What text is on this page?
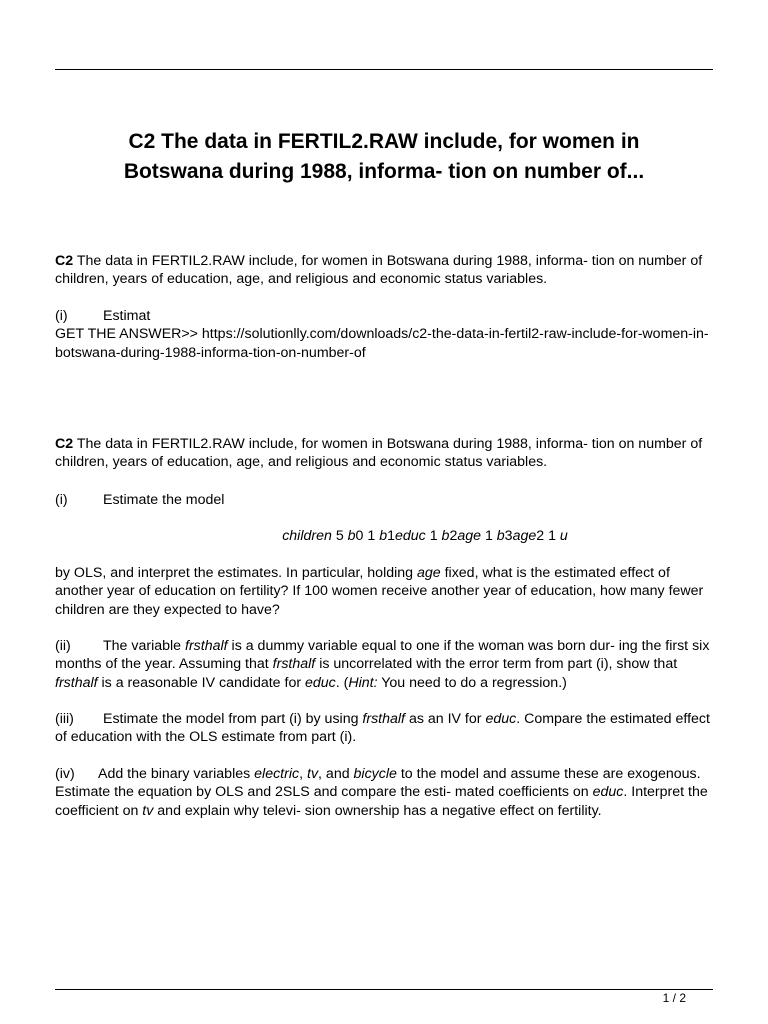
C2 The data in FERTIL2.RAW include, for women in
Botswana during 1988, informa- tion on number of...
C2 The data in FERTIL2.RAW include, for women in Botswana during 1988, informa- tion on number of children, years of education, age, and religious and economic status variables.
(i) Estimat
GET THE ANSWER>> https://solutionlly.com/downloads/c2-the-data-in-fertil2-raw-include-for-women-in-botswana-during-1988-informa-tion-on-number-of
C2 The data in FERTIL2.RAW include, for women in Botswana during 1988, informa- tion on number of children, years of education, age, and religious and economic status variables.
(i) Estimate the model
children 5 b0 1 b1educ 1 b2age 1 b3age2 1 u
by OLS, and interpret the estimates. In particular, holding age fixed, what is the estimated effect of another year of education on fertility? If 100 women receive another year of education, how many fewer children are they expected to have?
(ii) The variable frsthalf is a dummy variable equal to one if the woman was born dur- ing the first six months of the year. Assuming that frsthalf is uncorrelated with the error term from part (i), show that frsthalf is a reasonable IV candidate for educ. (Hint: You need to do a regression.)
(iii) Estimate the model from part (i) by using frsthalf as an IV for educ. Compare the estimated effect of education with the OLS estimate from part (i).
(iv) Add the binary variables electric, tv, and bicycle to the model and assume these are exogenous. Estimate the equation by OLS and 2SLS and compare the esti- mated coefficients on educ. Interpret the coefficient on tv and explain why televi- sion ownership has a negative effect on fertility.
1 / 2
